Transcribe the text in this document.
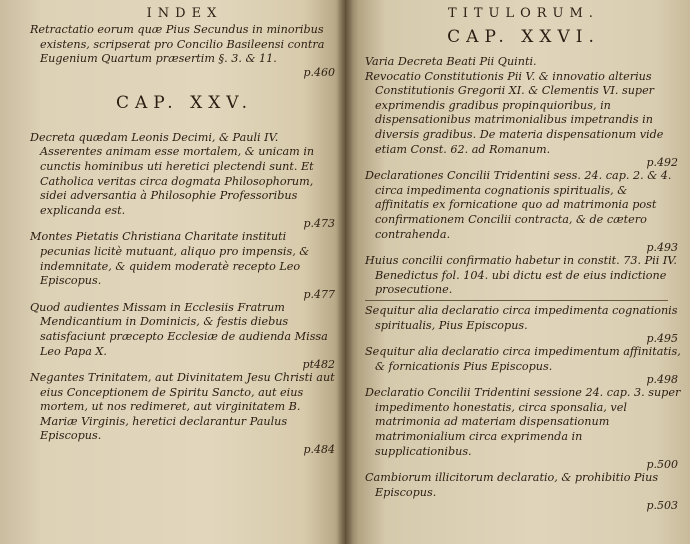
INDEX

Retractatio eorum quæ Pius Secundus in minoribus existens, scripserat pro Concilio Basileensi contra Eugenium Quartum præsertim §. 3. & 11.
p.460

CAP. XXV.

Decreta quædam Leonis Decimi, & Pauli IV. Asserentes animam esse mortalem, & unicam in cunctis hominibus uti heretici plectendi sunt. Et Catholica veritas circa dogmata Philosophorum, sidei adversantia à Philosophie Professoribus explicanda est.
p.473

Montes Pietatis Christiana Charitate instituti pecunias licitè mutuant, aliquo pro impensis, & indemnitate, & quidem moderatè recepto Leo Episcopus.
p.477

Quod audientes Missam in Ecclesiis Fratrum Mendicantium in Dominicis, & festis diebus satisfaciunt præcepto Ecclesiæ de audienda Missa Leo Papa X.
pt482

Negantes Trinitatem, aut Divinitatem Jesu Christi aut eius Conceptionem de Spiritu Sancto, aut eius mortem, ut nos redimeret, aut virginitatem B. Mariæ Virginis, heretici declarantur Paulus Episcopus.
p.484

TITULORUM.
CAP. XXVI.

Varia Decreta Beati Pii Quinti.

Revocatio Constitutionis Pii V. & innovatio alterius Constitutionis Gregorii XI. & Clementis VI. super exprimendis gradibus propinquioribus, in dispensationibus matrimonialibus impetrandis in diversis gradibus. De materia dispensationum vide etiam Const. 62. ad Romanum.
p.492

Declarationes Concilii Tridentini sess. 24. cap. 2. & 4. circa impedimenta cognationis spiritualis, & affinitatis ex fornicatione quo ad matrimonia post confirmationem Concilii contracta, & de cætero contrahenda.
p.493

Huius concilii confirmatio habetur in constit. 73. Pii IV. Benedictus fol. 104. ubi dictu est de eius indictione prosecutione.

Sequitur alia declaratio circa impedimenta cognationis spiritualis, Pius Episcopus.
p.495

Sequitur alia declaratio circa impedimentum affinitatis, & fornicationis Pius Episcopus.
p.498

Declaratio Concilii Tridentini sessione 24. cap. 3. super impedimento honestatis, circa sponsalia, vel matrimonia ad materiam dispensationum matrimonialium circa exprimenda in supplicationibus.
p.500

Cambiorum illicitorum declaratio, & prohibitio Pius Episcopus.
p.503
